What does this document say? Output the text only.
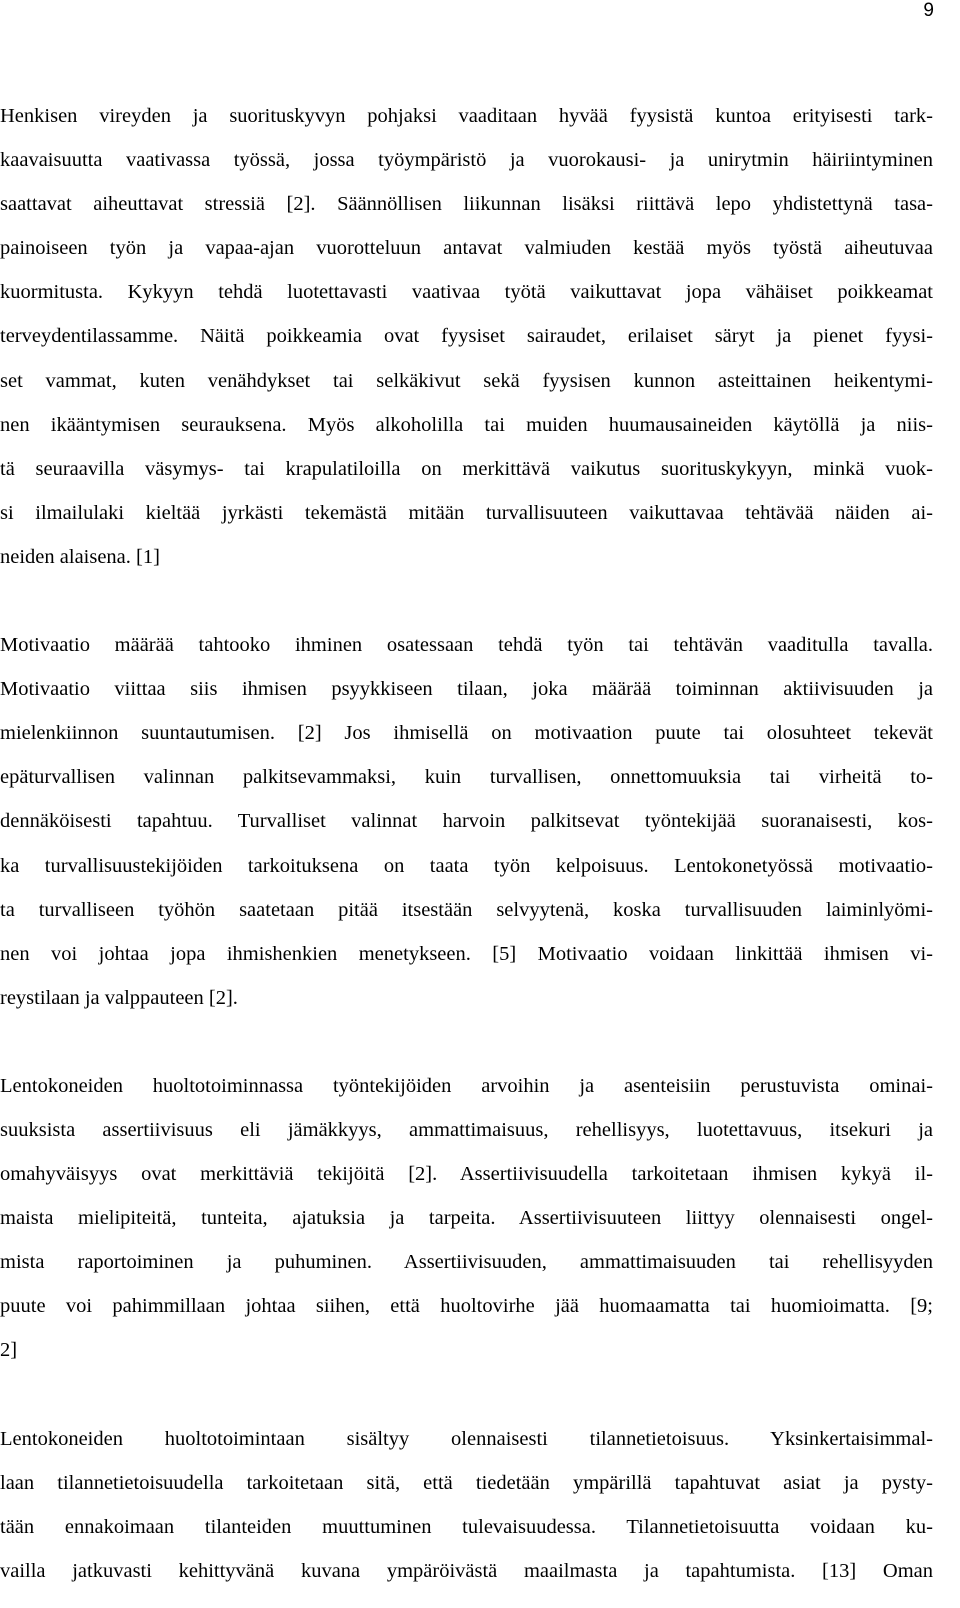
9
Henkisen vireyden ja suorituskyvyn pohjaksi vaaditaan hyvää fyysistä kuntoa erityisesti tark-
kaavaisuutta vaativassa työssä, jossa työympäristö ja vuorokausi- ja unirytmin häiriintyminen
saattavat aiheuttavat stressiä [2]. Säännöllisen liikunnan lisäksi riittävä lepo yhdistettynä tasa-
painoiseen työn ja vapaa-ajan vuorotteluun antavat valmiuden kestää myös työstä aiheutuvaa
kuormitusta. Kykyyn tehdä luotettavasti vaativaa työtä vaikuttavat jopa vähäiset poikkeamat
terveydentilassamme. Näitä poikkeamia ovat fyysiset sairaudet, erilaiset säryt ja pienet fyysi-
set vammat, kuten venähdykset tai selkäkivut sekä fyysisen kunnon asteittainen heikentymi-
nen ikääntymisen seurauksena. Myös alkoholilla tai muiden huumausaineiden käytöllä ja niis-
tä seuraavilla väsymys- tai krapulatiloilla on merkittävä vaikutus suorituskykyyn, minkä vuok-
si ilmailulaki kieltää jyrkästi tekemästä mitään turvallisuuteen vaikuttavaa tehtävää näiden ai-
neiden alaisena. [1]
Motivaatio määrää tahtooko ihminen osatessaan tehdä työn tai tehtävän vaaditulla tavalla.
Motivaatio viittaa siis ihmisen psyykkiseen tilaan, joka määrää toiminnan aktiivisuuden ja
mielenkiinnon suuntautumisen. [2] Jos ihmisellä on motivaation puute tai olosuhteet tekevät
epäturvallisen valinnan palkitsevammaksi, kuin turvallisen, onnettomuuksia tai virheitä to-
dennäköisesti tapahtuu. Turvalliset valinnat harvoin palkitsevat työntekijää suoranaisesti, kos-
ka turvallisuustekijöiden tarkoituksena on taata työn kelpoisuus. Lentokonetyössä motivaatio-
ta turvalliseen työhön saatetaan pitää itsestään selvyytenä, koska turvallisuuden laiminlyömi-
nen voi johtaa jopa ihmishenkien menetykseen. [5] Motivaatio voidaan linkittää ihmisen vi-
reystilaan ja valppauteen [2].
Lentokoneiden huoltotoiminnassa työntekijöiden arvoihin ja asenteisiin perustuvista ominai-
suuksista assertiivisuus eli jämäkkyys, ammattimaisuus, rehellisyys, luotettavuus, itsekuri ja
omahyväisyys ovat merkittäviä tekijöitä [2]. Assertiivisuudella tarkoitetaan ihmisen kykyä il-
maista mielipiteitä, tunteita, ajatuksia ja tarpeita. Assertiivisuuteen liittyy olennaisesti ongel-
mista raportoiminen ja puhuminen. Assertiivisuuden, ammattimaisuuden tai rehellisyyden
puute voi pahimmillaan johtaa siihen, että huoltovirhe jää huomaamatta tai huomioimatta. [9;
2]
Lentokoneiden huoltotoimintaan sisältyy olennaisesti tilannetietoisuus. Yksinkertaisimmal-
laan tilannetietoisuudella tarkoitetaan sitä, että tiedetään ympärillä tapahtuvat asiat ja pysty-
tään ennakoimaan tilanteiden muuttuminen tulevaisuudessa. Tilannetietoisuutta voidaan ku-
vailla jatkuvasti kehittyvänä kuvana ympäröivästä maailmasta ja tapahtumista. [13] Oman
